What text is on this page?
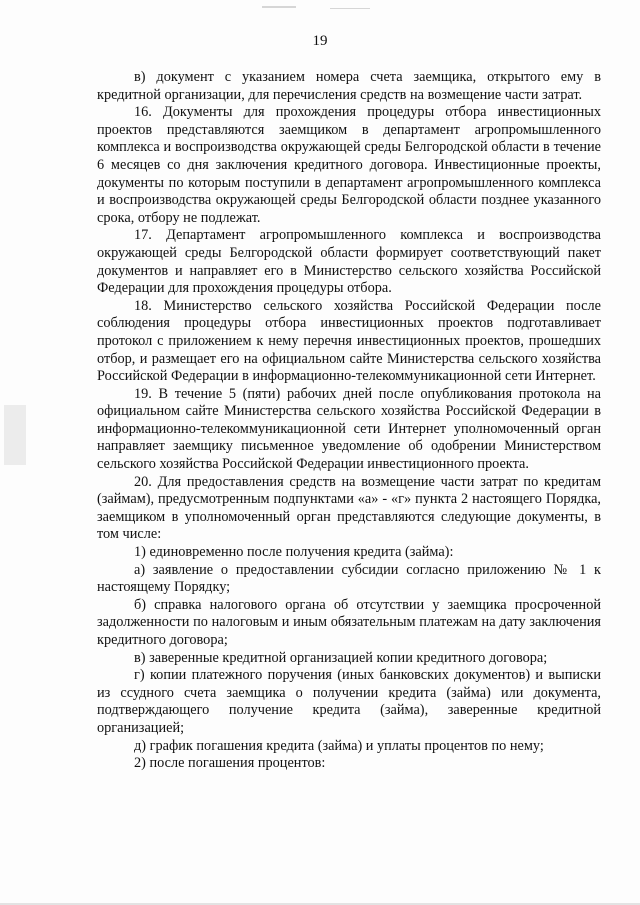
19

в) документ с указанием номера счета заемщика, открытого ему в кредитной организации, для перечисления средств на возмещение части затрат.

16. Документы для прохождения процедуры отбора инвестиционных проектов представляются заемщиком в департамент агропромышленного комплекса и воспроизводства окружающей среды Белгородской области в течение 6 месяцев со дня заключения кредитного договора. Инвестиционные проекты, документы по которым поступили в департамент агропромышленного комплекса и воспроизводства окружающей среды Белгородской области позднее указанного срока, отбору не подлежат.

17. Департамент агропромышленного комплекса и воспроизводства окружающей среды Белгородской области формирует соответствующий пакет документов и направляет его в Министерство сельского хозяйства Российской Федерации для прохождения процедуры отбора.

18. Министерство сельского хозяйства Российской Федерации после соблюдения процедуры отбора инвестиционных проектов подготавливает протокол с приложением к нему перечня инвестиционных проектов, прошедших отбор, и размещает его на официальном сайте Министерства сельского хозяйства Российской Федерации в информационно-телекоммуникационной сети Интернет.

19. В течение 5 (пяти) рабочих дней после опубликования протокола на официальном сайте Министерства сельского хозяйства Российской Федерации в информационно-телекоммуникационной сети Интернет уполномоченный орган направляет заемщику письменное уведомление об одобрении Министерством сельского хозяйства Российской Федерации инвестиционного проекта.

20. Для предоставления средств на возмещение части затрат по кредитам (займам), предусмотренным подпунктами «а» - «г» пункта 2 настоящего Порядка, заемщиком в уполномоченный орган представляются следующие документы, в том числе:

1) единовременно после получения кредита (займа):

а) заявление о предоставлении субсидии согласно приложению № 1 к настоящему Порядку;

б) справка налогового органа об отсутствии у заемщика просроченной задолженности по налоговым и иным обязательным платежам на дату заключения кредитного договора;

в) заверенные кредитной организацией копии кредитного договора;

г) копии платежного поручения (иных банковских документов) и выписки из ссудного счета заемщика о получении кредита (займа) или документа, подтверждающего получение кредита (займа), заверенные кредитной организацией;

д) график погашения кредита (займа) и уплаты процентов по нему;

2) после погашения процентов:
